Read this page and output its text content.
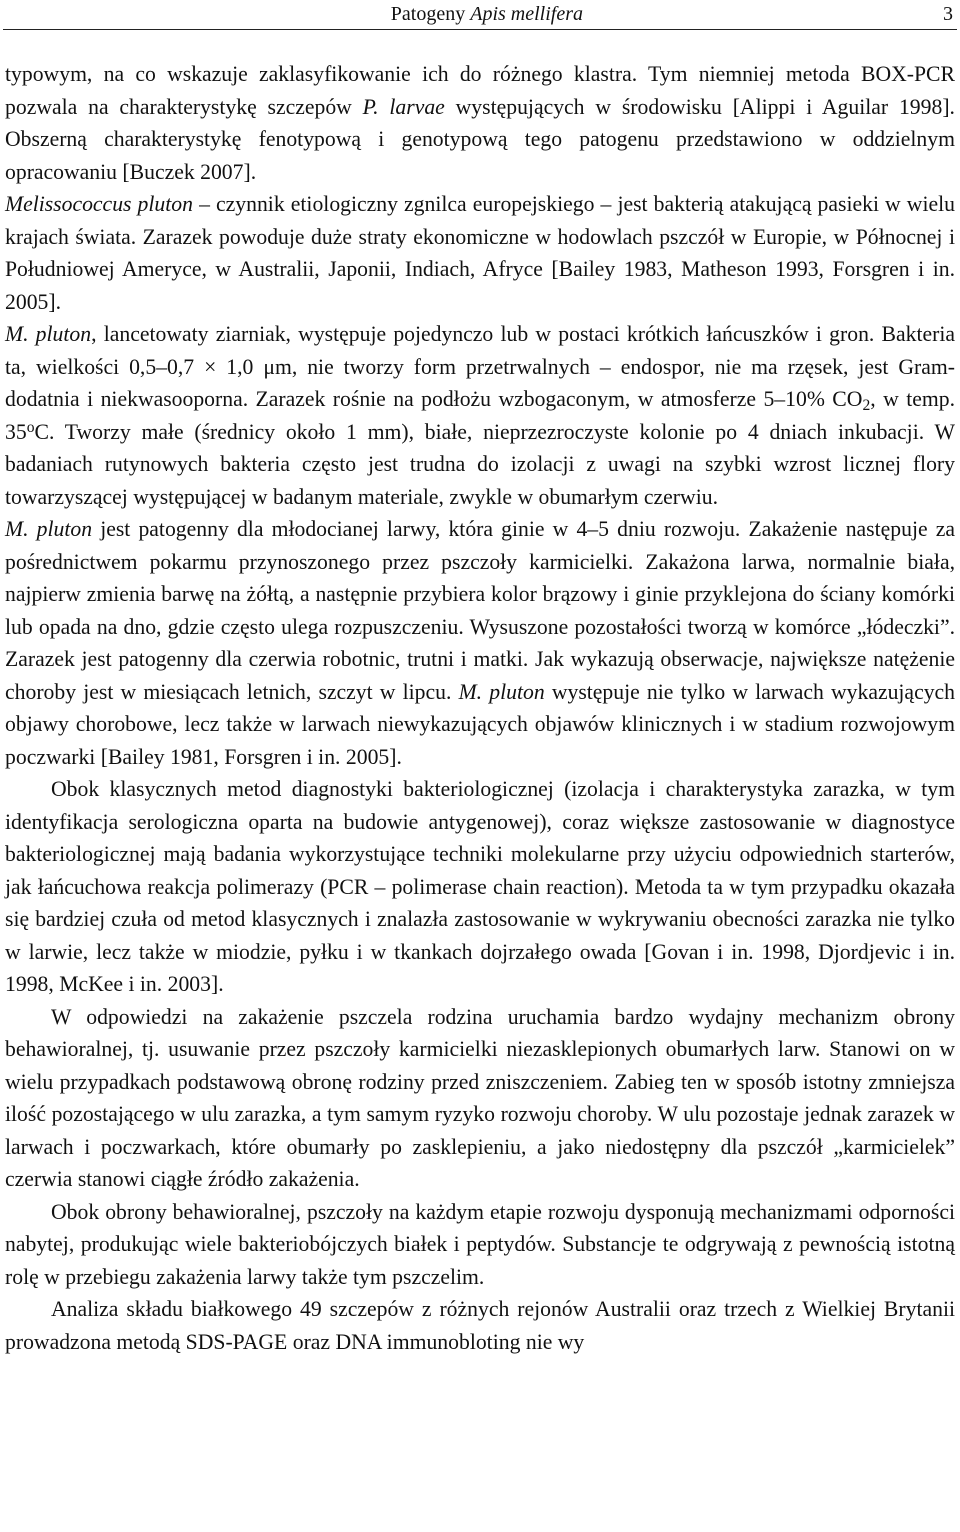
Patogeny Apis mellifera	3

typowym, na co wskazuje zaklasyfikowanie ich do różnego klastra. Tym niemniej metoda BOX-PCR pozwala na charakterystykę szczepów P. larvae występujących w środowisku [Alippi i Aguilar 1998]. Obszerną charakterystykę fenotypową i genotypową tego patogenu przedstawiono w oddzielnym opracowaniu [Buczek 2007].

Melissococcus pluton – czynnik etiologiczny zgnilca europejskiego – jest bakterią atakującą pasieki w wielu krajach świata. Zarazek powoduje duże straty ekonomiczne w hodowlach pszczół w Europie, w Północnej i Południowej Ameryce, w Australii, Japonii, Indiach, Afryce [Bailey 1983, Matheson 1993, Forsgren i in. 2005].

M. pluton, lancetowaty ziarniak, występuje pojedynczo lub w postaci krótkich łańcuszków i gron. Bakteria ta, wielkości 0,5–0,7 × 1,0 μm, nie tworzy form przetrwalnych – endospor, nie ma rzęsek, jest Gram-dodatnia i niekwasooporna. Zarazek rośnie na podłożu wzbogaconym, w atmosferze 5–10% $CO_2$, w temp. 35$^o$C. Tworzy małe (średnicy około 1 mm), białe, nieprzezroczyste kolonie po 4 dniach inkubacji. W badaniach rutynowych bakteria często jest trudna do izolacji z uwagi na szybki wzrost licznej flory towarzyszącej występującej w badanym materiale, zwykle w obumarłym czerwiu.

M. pluton jest patogenny dla młodocianej larwy, która ginie w 4–5 dniu rozwoju. Zakażenie następuje za pośrednictwem pokarmu przynoszonego przez pszczoły karmicielki. Zakażona larwa, normalnie biała, najpierw zmienia barwę na żółtą, a następnie przybiera kolor brązowy i ginie przyklejona do ściany komórki lub opada na dno, gdzie często ulega rozpuszczeniu. Wysuszone pozostałości tworzą w komórce „łódeczki”. Zarazek jest patogenny dla czerwia robotnic, trutni i matki. Jak wykazują obserwacje, największe natężenie choroby jest w miesiącach letnich, szczyt w lipcu. M. pluton występuje nie tylko w larwach wykazujących objawy chorobowe, lecz także w larwach niewykazujących objawów klinicznych i w stadium rozwojowym poczwarki [Bailey 1981, Forsgren i in. 2005].

Obok klasycznych metod diagnostyki bakteriologicznej (izolacja i charakterystyka zarazka, w tym identyfikacja serologiczna oparta na budowie antygenowej), coraz większe zastosowanie w diagnostyce bakteriologicznej mają badania wykorzystujące techniki molekularne przy użyciu odpowiednich starterów, jak łańcuchowa reakcja polimerazy (PCR – polimerase chain reaction). Metoda ta w tym przypadku okazała się bardziej czuła od metod klasycznych i znalazła zastosowanie w wykrywaniu obecności zarazka nie tylko w larwie, lecz także w miodzie, pyłku i w tkankach dojrzałego owada [Govan i in. 1998, Djordjevic i in. 1998, McKee i in. 2003].

W odpowiedzi na zakażenie pszczela rodzina uruchamia bardzo wydajny mechanizm obrony behawioralnej, tj. usuwanie przez pszczoły karmicielki niezasklepionych obumarłych larw. Stanowi on w wielu przypadkach podstawową obronę rodziny przed zniszczeniem. Zabieg ten w sposób istotny zmniejsza ilość pozostającego w ulu zarazka, a tym samym ryzyko rozwoju choroby. W ulu pozostaje jednak zarazek w larwach i poczwarkach, które obumarły po zasklepieniu, a jako niedostępny dla pszczół „karmicielek” czerwia stanowi ciągłe źródło zakażenia.

Obok obrony behawioralnej, pszczoły na każdym etapie rozwoju dysponują mechanizmami odporności nabytej, produkując wiele bakteriobójczych białek i peptydów. Substancje te odgrywają z pewnością istotną rolę w przebiegu zakażenia larwy także tym pszczelim.

Analiza składu białkowego 49 szczepów z różnych rejonów Australii oraz trzech z Wielkiej Brytanii prowadzona metodą SDS-PAGE oraz DNA immunobloting nie wy
